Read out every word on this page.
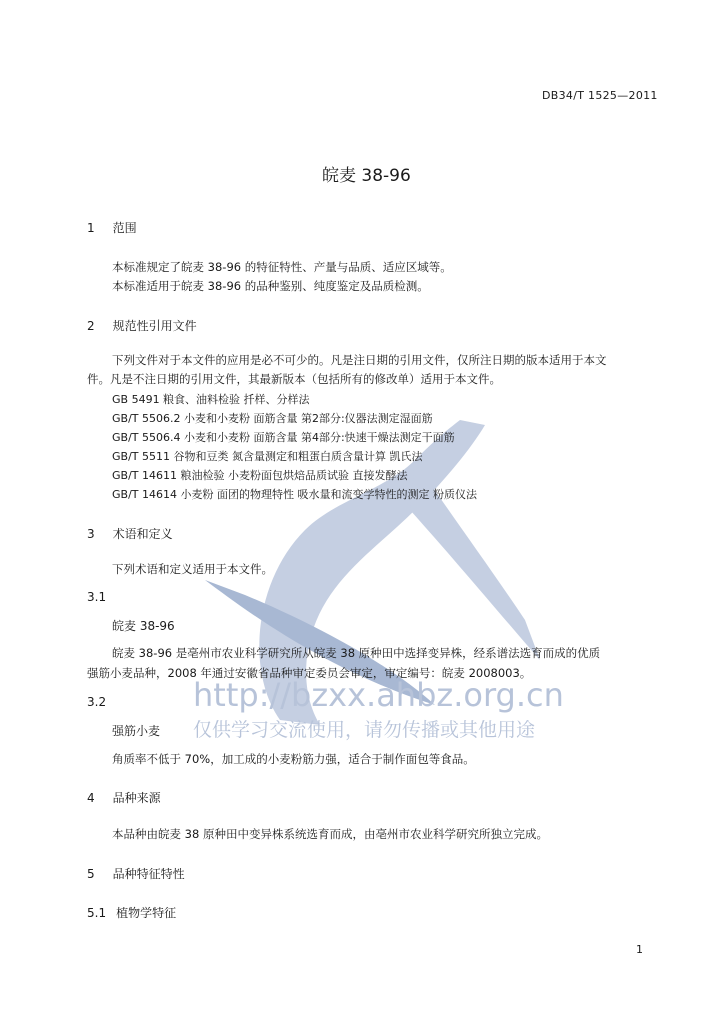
DB34/T 1525—2011
皖麦 38-96
1 范围
本标准规定了皖麦 38-96 的特征特性、产量与品质、适应区域等。
本标准适用于皖麦 38-96 的品种鉴别、纯度鉴定及品质检测。
2 规范性引用文件
下列文件对于本文件的应用是必不可少的。凡是注日期的引用文件，仅所注日期的版本适用于本文
件。凡是不注日期的引用文件，其最新版本（包括所有的修改单）适用于本文件。
GB 5491 粮食、油料检验 扦样、分样法
GB/T 5506.2 小麦和小麦粉 面筋含量 第2部分:仪器法测定湿面筋
GB/T 5506.4 小麦和小麦粉 面筋含量 第4部分:快速干燥法测定干面筋
GB/T 5511 谷物和豆类 氮含量测定和粗蛋白质含量计算 凯氏法
GB/T 14611 粮油检验 小麦粉面包烘焙品质试验 直接发酵法
GB/T 14614 小麦粉 面团的物理特性 吸水量和流变学特性的测定 粉质仪法
3 术语和定义
下列术语和定义适用于本文件。
3.1
皖麦 38-96
皖麦 38-96 是亳州市农业科学研究所从皖麦 38 原种田中选择变异株，经系谱法选育而成的优质
强筋小麦品种，2008 年通过安徽省品种审定委员会审定，审定编号：皖麦 2008003。
3.2
强筋小麦
角质率不低于 70%，加工成的小麦粉筋力强，适合于制作面包等食品。
4 品种来源
本品种由皖麦 38 原种田中变异株系统选育而成，由亳州市农业科学研究所独立完成。
5 品种特征特性
5.1 植物学特征
http://bzxx.ahbz.org.cn
仅供学习交流使用，请勿传播或其他用途
1
